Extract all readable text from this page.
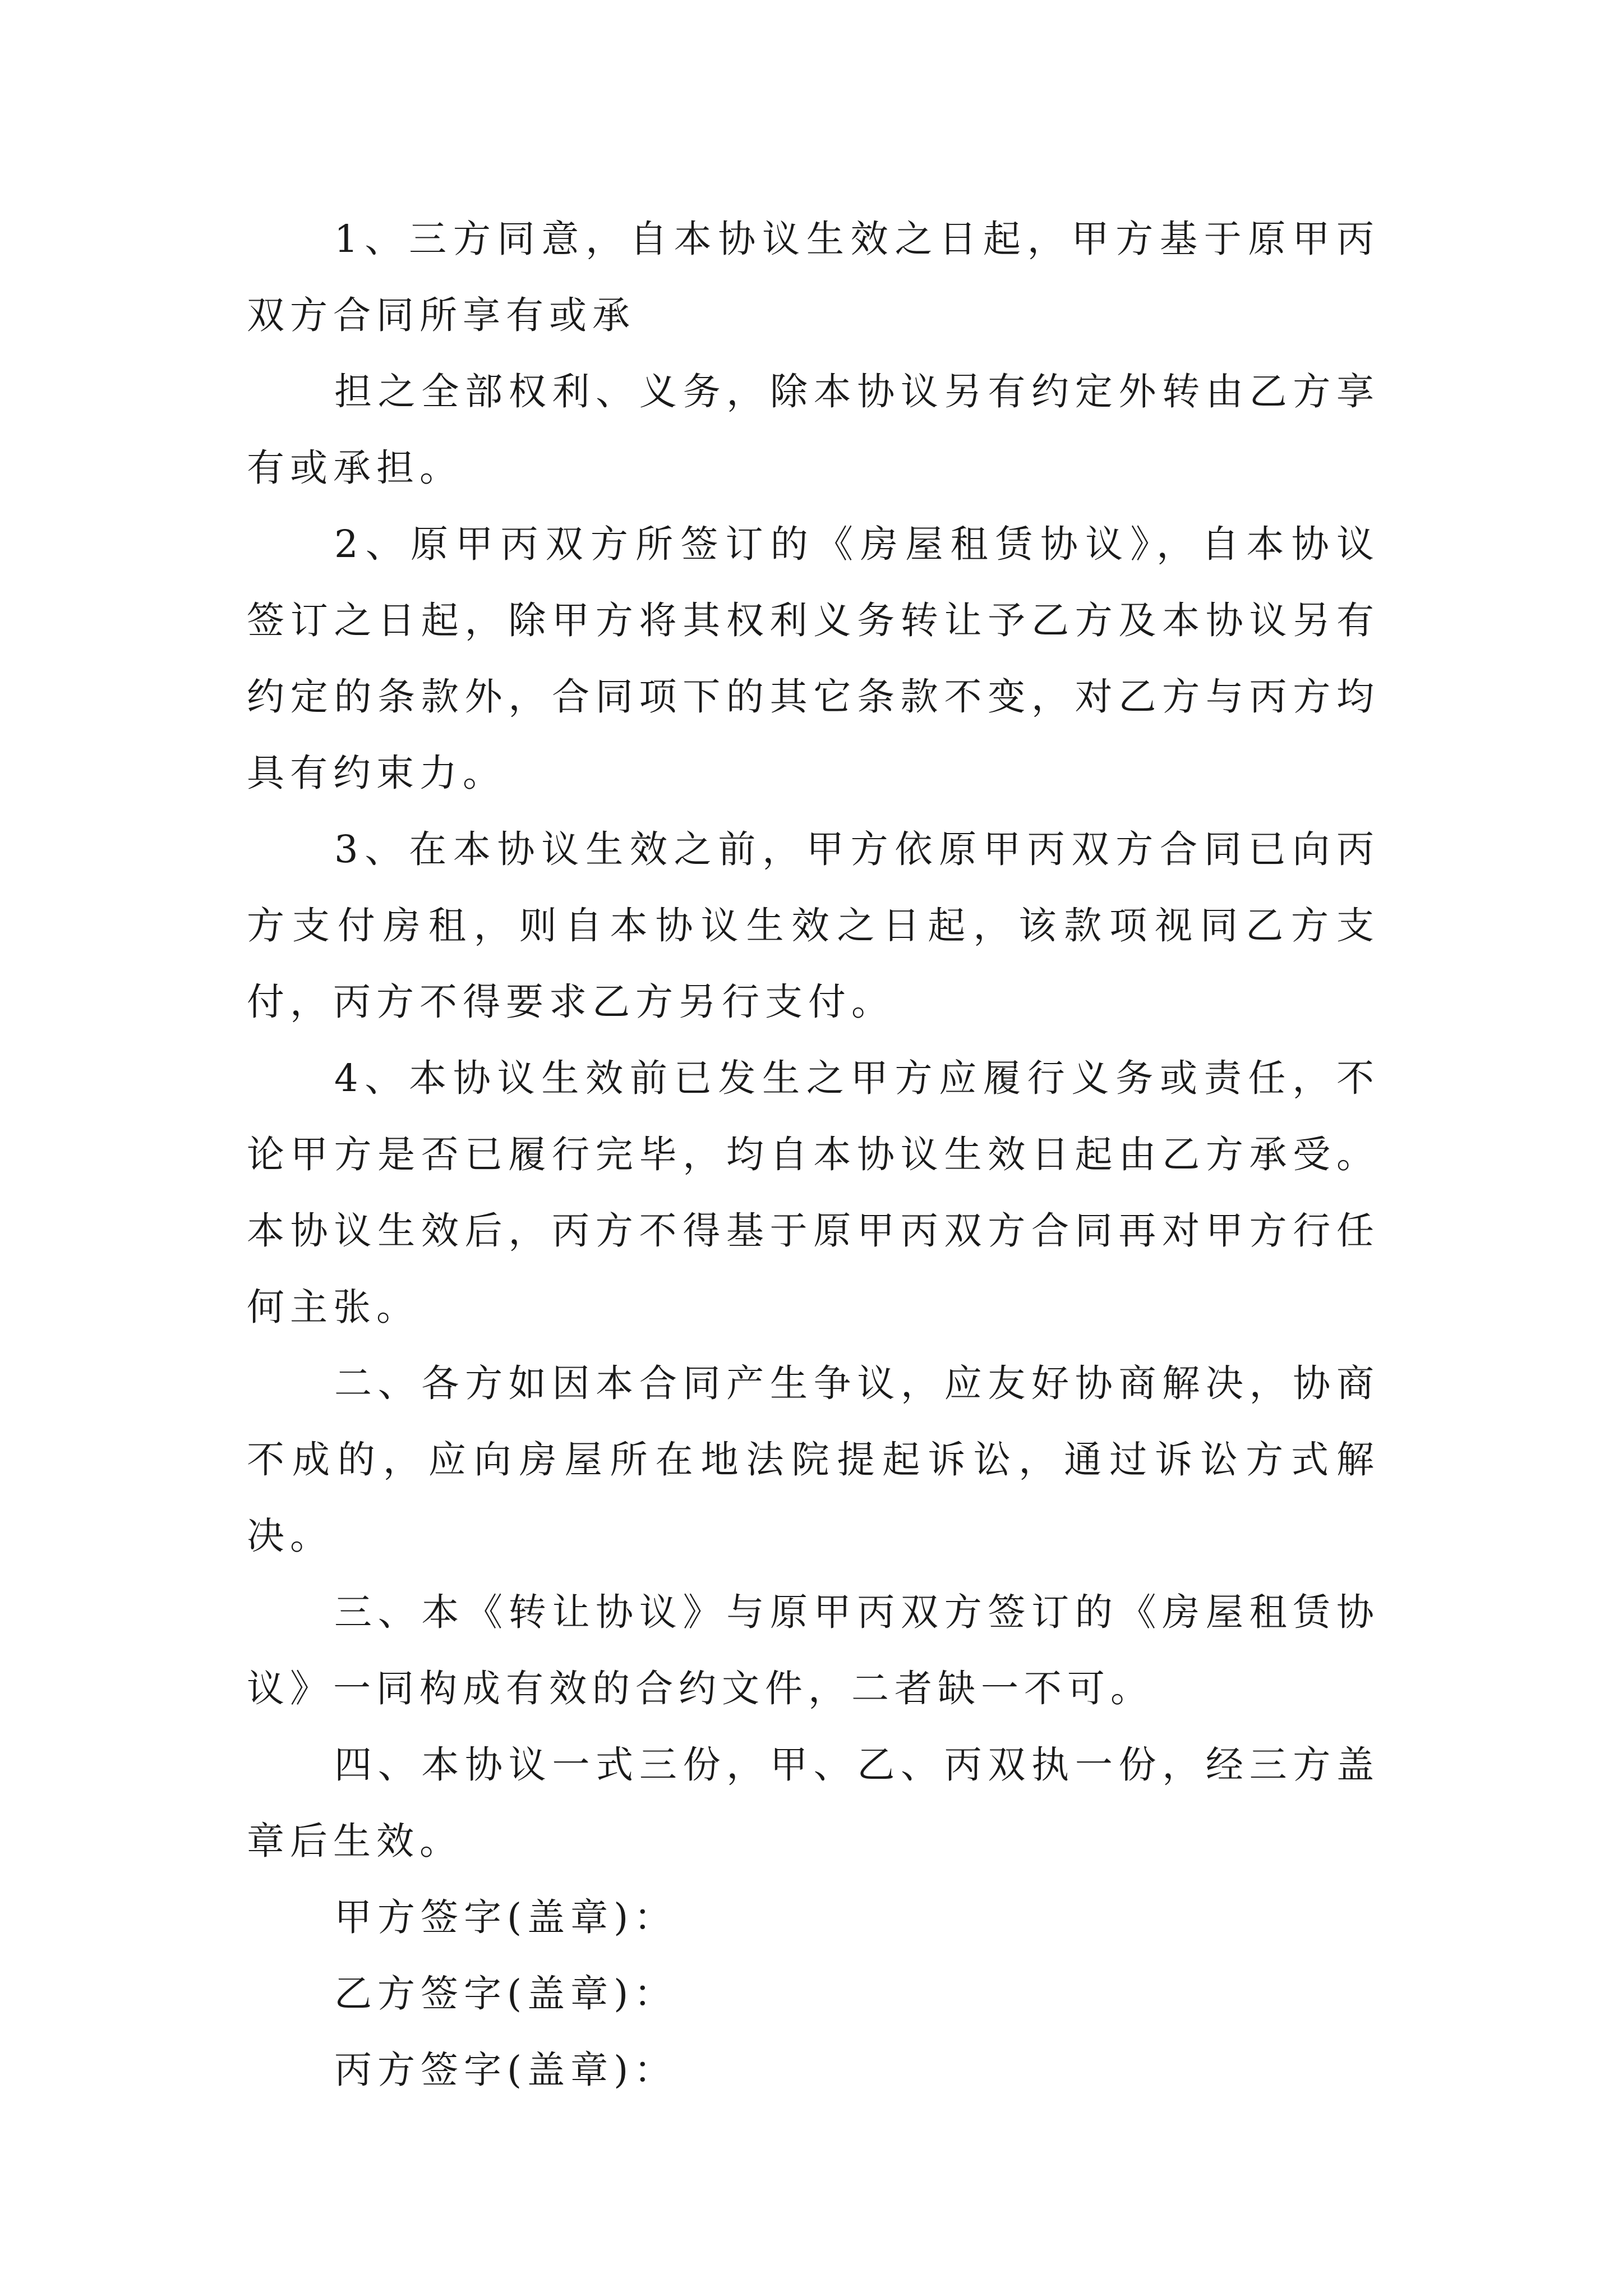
1、三方同意，自本协议生效之日起，甲方基于原甲丙双方合同所享有或承

担之全部权利、义务，除本协议另有约定外转由乙方享有或承担。

2、原甲丙双方所签订的《房屋租赁协议》，自本协议签订之日起，除甲方将其权利义务转让予乙方及本协议另有约定的条款外，合同项下的其它条款不变，对乙方与丙方均具有约束力。

3、在本协议生效之前，甲方依原甲丙双方合同已向丙方支付房租，则自本协议生效之日起，该款项视同乙方支付，丙方不得要求乙方另行支付。

4、本协议生效前已发生之甲方应履行义务或责任，不论甲方是否已履行完毕，均自本协议生效日起由乙方承受。本协议生效后，丙方不得基于原甲丙双方合同再对甲方行任何主张。

二、各方如因本合同产生争议，应友好协商解决，协商不成的，应向房屋所在地法院提起诉讼，通过诉讼方式解决。

三、本《转让协议》与原甲丙双方签订的《房屋租赁协议》一同构成有效的合约文件，二者缺一不可。

四、本协议一式三份，甲、乙、丙双执一份，经三方盖章后生效。

甲方签字(盖章)：

乙方签字(盖章)：

丙方签字(盖章)：
